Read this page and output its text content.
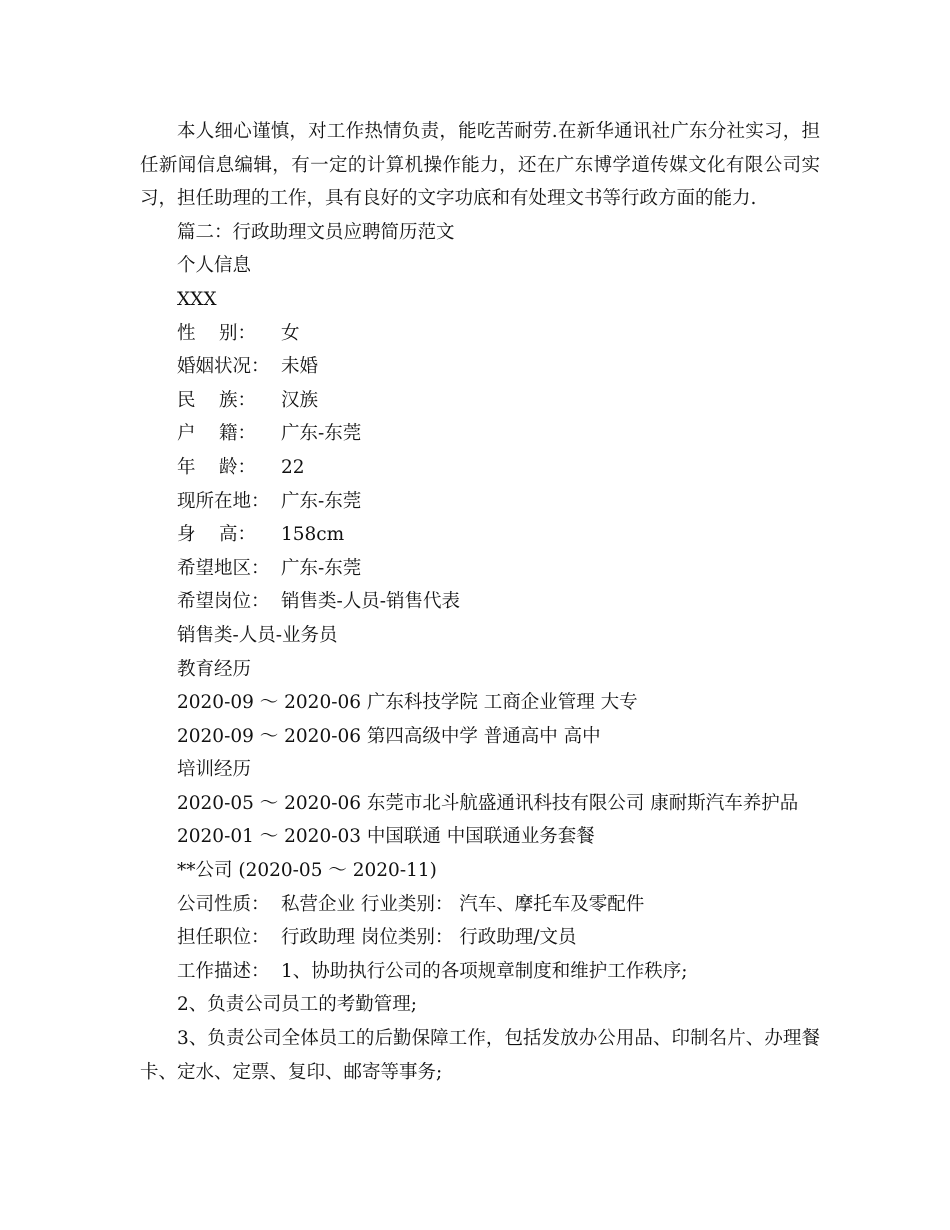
本人细心谨慎，对工作热情负责，能吃苦耐劳.在新华通讯社广东分社实习，担任新闻信息编辑，有一定的计算机操作能力，还在广东博学道传媒文化有限公司实习，担任助理的工作，具有良好的文字功底和有处理文书等行政方面的能力.

篇二：行政助理文员应聘简历范文

个人信息

XXX

性    别： 女

婚姻状况： 未婚

民    族： 汉族

户    籍： 广东-东莞

年    龄： 22

现所在地： 广东-东莞

身    高： 158cm

希望地区： 广东-东莞

希望岗位： 销售类-人员-销售代表

销售类-人员-业务员

教育经历

2020-09 ～ 2020-06 广东科技学院 工商企业管理 大专

2020-09 ～ 2020-06 第四高级中学 普通高中 高中

培训经历

2020-05 ～ 2020-06 东莞市北斗航盛通讯科技有限公司 康耐斯汽车养护品

2020-01 ～ 2020-03 中国联通 中国联通业务套餐

**公司 (2020-05 ～ 2020-11)

公司性质： 私营企业 行业类别： 汽车、摩托车及零配件

担任职位： 行政助理 岗位类别： 行政助理/文员

工作描述： 1、协助执行公司的各项规章制度和维护工作秩序;

2、负责公司员工的考勤管理;

3、负责公司全体员工的后勤保障工作，包括发放办公用品、印制名片、办理餐卡、定水、定票、复印、邮寄等事务;
